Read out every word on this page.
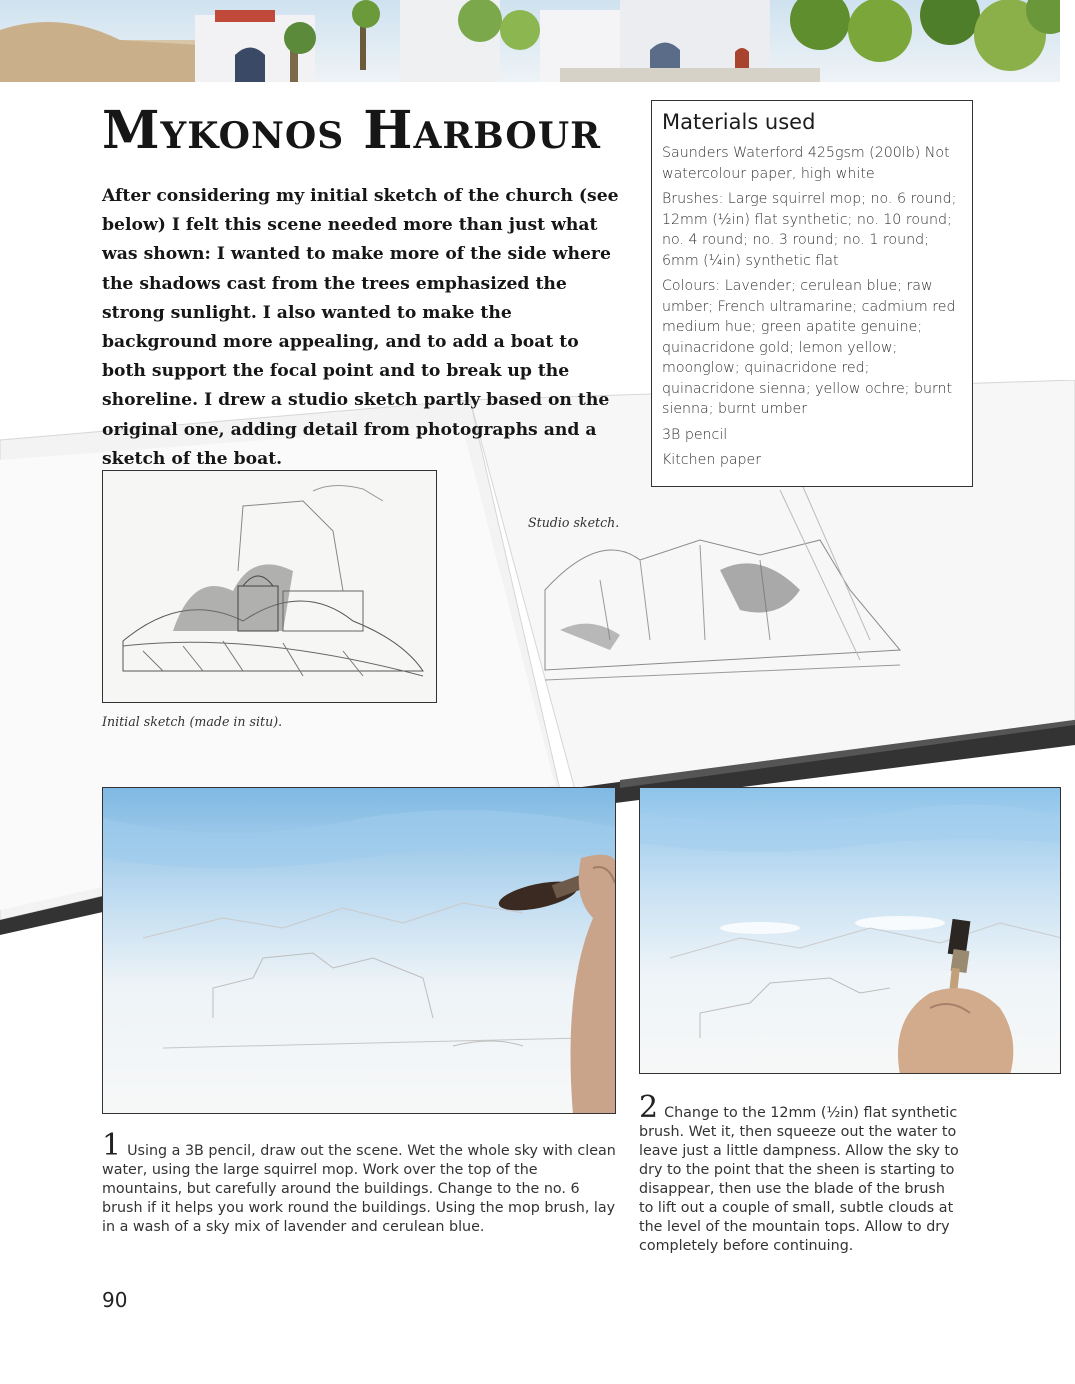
Mykonos Harbour

After considering my initial sketch of the church (see below) I felt this scene needed more than just what was shown: I wanted to make more of the side where the shadows cast from the trees emphasized the strong sunlight. I also wanted to make the background more appealing, and to add a boat to both support the focal point and to break up the shoreline. I drew a studio sketch partly based on the original one, adding detail from photographs and a sketch of the boat.

Materials used

Saunders Waterford 425gsm (200lb) Not watercolour paper, high white

Brushes: Large squirrel mop; no. 6 round; 12mm (½in) flat synthetic; no. 10 round; no. 4 round; no. 3 round; no. 1 round; 6mm (¼in) synthetic flat

Colours: Lavender; cerulean blue; raw umber; French ultramarine; cadmium red medium hue; green apatite genuine; quinacridone gold; lemon yellow; moonglow; quinacridone red; quinacridone sienna; yellow ochre; burnt sienna; burnt umber

3B pencil

Kitchen paper

Initial sketch (made in situ).

Studio sketch.

1 Using a 3B pencil, draw out the scene. Wet the whole sky with clean water, using the large squirrel mop. Work over the top of the mountains, but carefully around the buildings. Change to the no. 6 brush if it helps you work round the buildings. Using the mop brush, lay in a wash of a sky mix of lavender and cerulean blue.
2 Change to the 12mm (½in) flat synthetic brush. Wet it, then squeeze out the water to leave just a little dampness. Allow the sky to dry to the point that the sheen is starting to disappear, then use the blade of the brush to lift out a couple of small, subtle clouds at the level of the mountain tops. Allow to dry completely before continuing.

90
